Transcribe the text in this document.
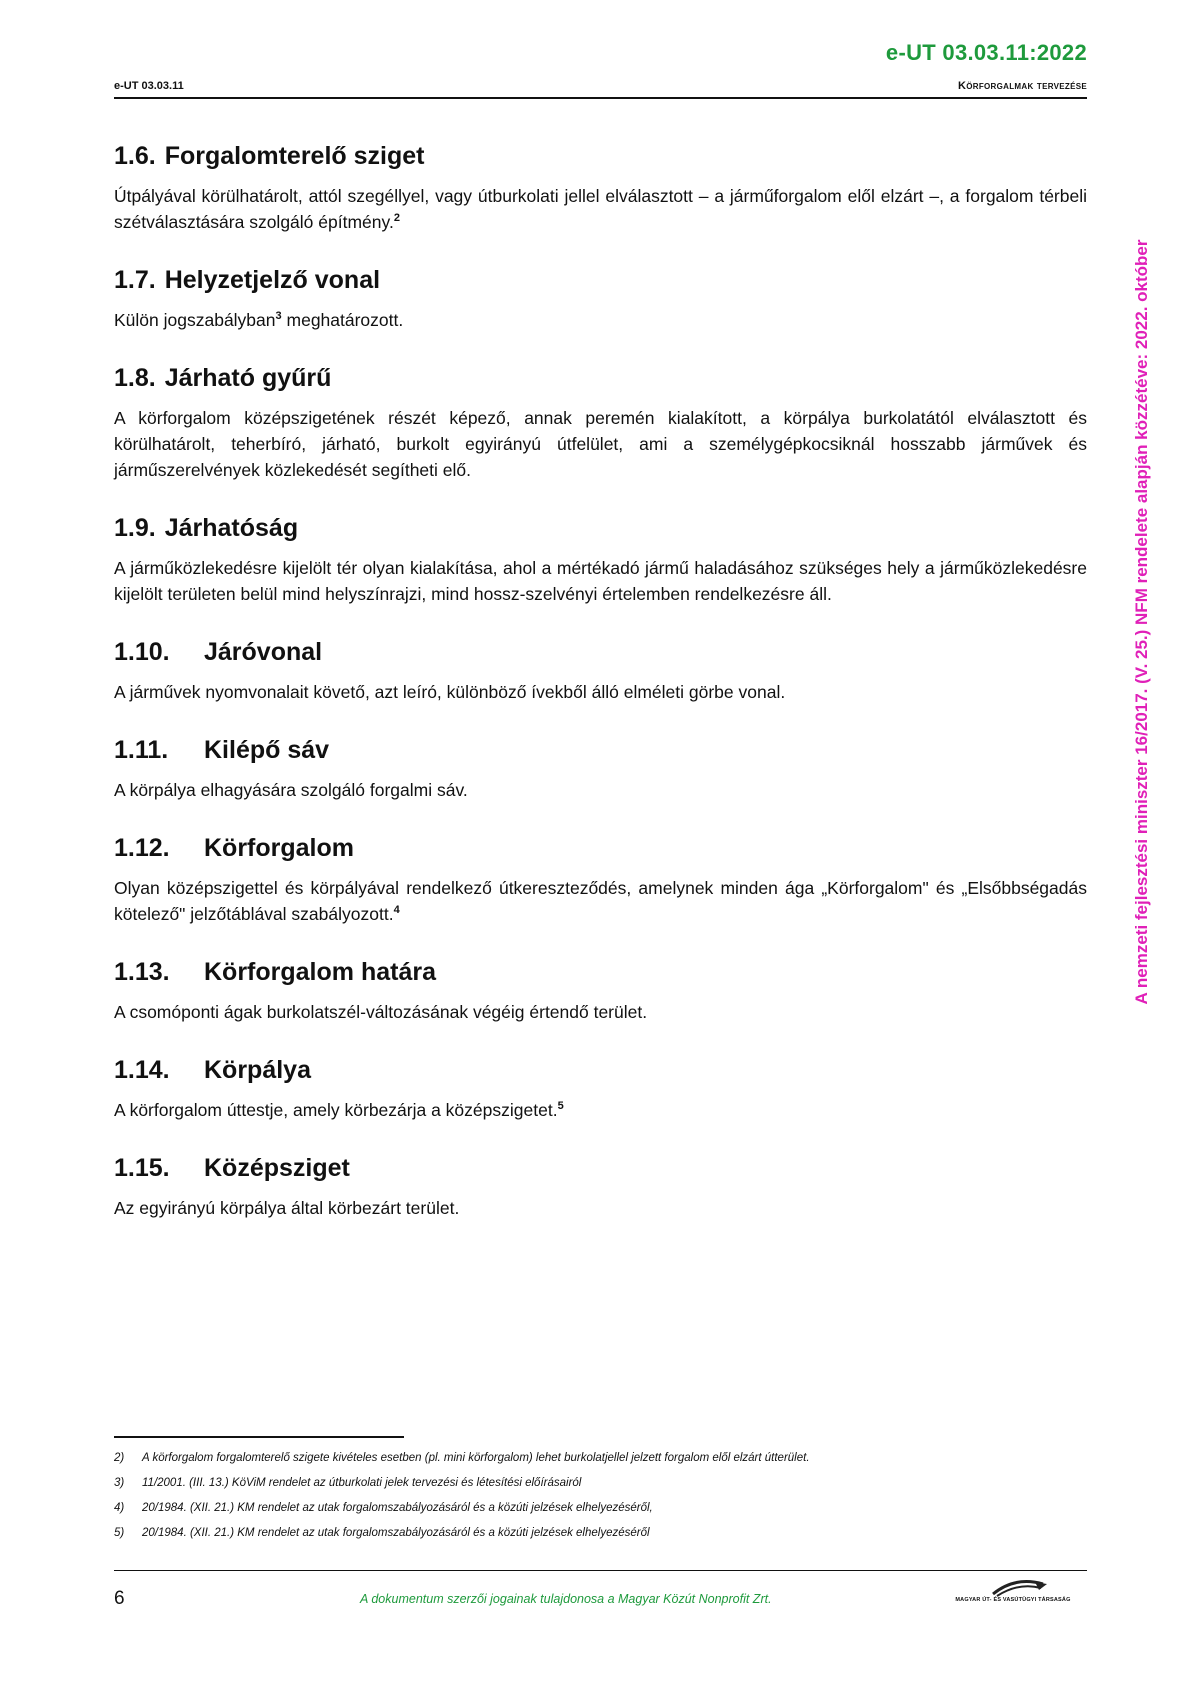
e-UT 03.03.11:2022
e-UT 03.03.11	Körforgalmak tervezése
1.6. Forgalomterelő sziget

Útpályával körülhatárolt, attól szegéllyel, vagy útburkolati jellel elválasztott – a járműforgalom elől elzárt –, a forgalom térbeli szétválasztására szolgáló építmény.$^2$

1.7. Helyzetjelző vonal

Külön jogszabályban$^3$ meghatározott.

1.8. Járható gyűrű

A körforgalom középszigetének részét képező, annak peremén kialakított, a körpálya burkolatától elválasztott és körülhatárolt, teherbíró, járható, burkolt egyirányú útfelület, ami a személygépkocsiknál hosszabb járművek és járműszerelvények közlekedését segítheti elő.

1.9. Járhatóság

A járműközlekedésre kijelölt tér olyan kialakítása, ahol a mértékadó jármű haladásához szükséges hely a járműközlekedésre kijelölt területen belül mind helyszínrajzi, mind hossz-szelvényi értelemben rendelkezésre áll.

1.10.	Járóvonal

A járművek nyomvonalait követő, azt leíró, különböző ívekből álló elméleti görbe vonal.

1.11.	Kilépő sáv

A körpálya elhagyására szolgáló forgalmi sáv.

1.12.	Körforgalom

Olyan középszigettel és körpályával rendelkező útkereszteződés, amelynek minden ága „Körforgalom" és „Elsőbbségadás kötelező" jelzőtáblával szabályozott.$^4$

1.13.	Körforgalom határa

A csomóponti ágak burkolatszél-változásának végéig értendő terület.

1.14.	Körpálya

A körforgalom úttestje, amely körbezárja a középszigetet.$^5$

1.15.	Középsziget

Az egyirányú körpálya által körbezárt terület.

A nemzeti fejlesztési miniszter 16/2017. (V. 25.) NFM rendelete alapján közzétéve: 2022. október
2)	A körforgalom forgalomterelő szigete kivételes esetben (pl. mini körforgalom) lehet burkolatjellel jelzett forgalom elől elzárt útterület.
3)	11/2001. (III. 13.) KöViM rendelet az útburkolati jelek tervezési és létesítési előírásairól
4)	20/1984. (XII. 21.) KM rendelet az utak forgalomszabályozásáról és a közúti jelzések elhelyezéséről,
5)	20/1984. (XII. 21.) KM rendelet az utak forgalomszabályozásáról és a közúti jelzések elhelyezéséről
6	A dokumentum szerzői jogainak tulajdonosa a Magyar Közút Nonprofit Zrt.	MAGYAR ÚT- ÉS VASÚTÜGYI TÁRSASÁG
